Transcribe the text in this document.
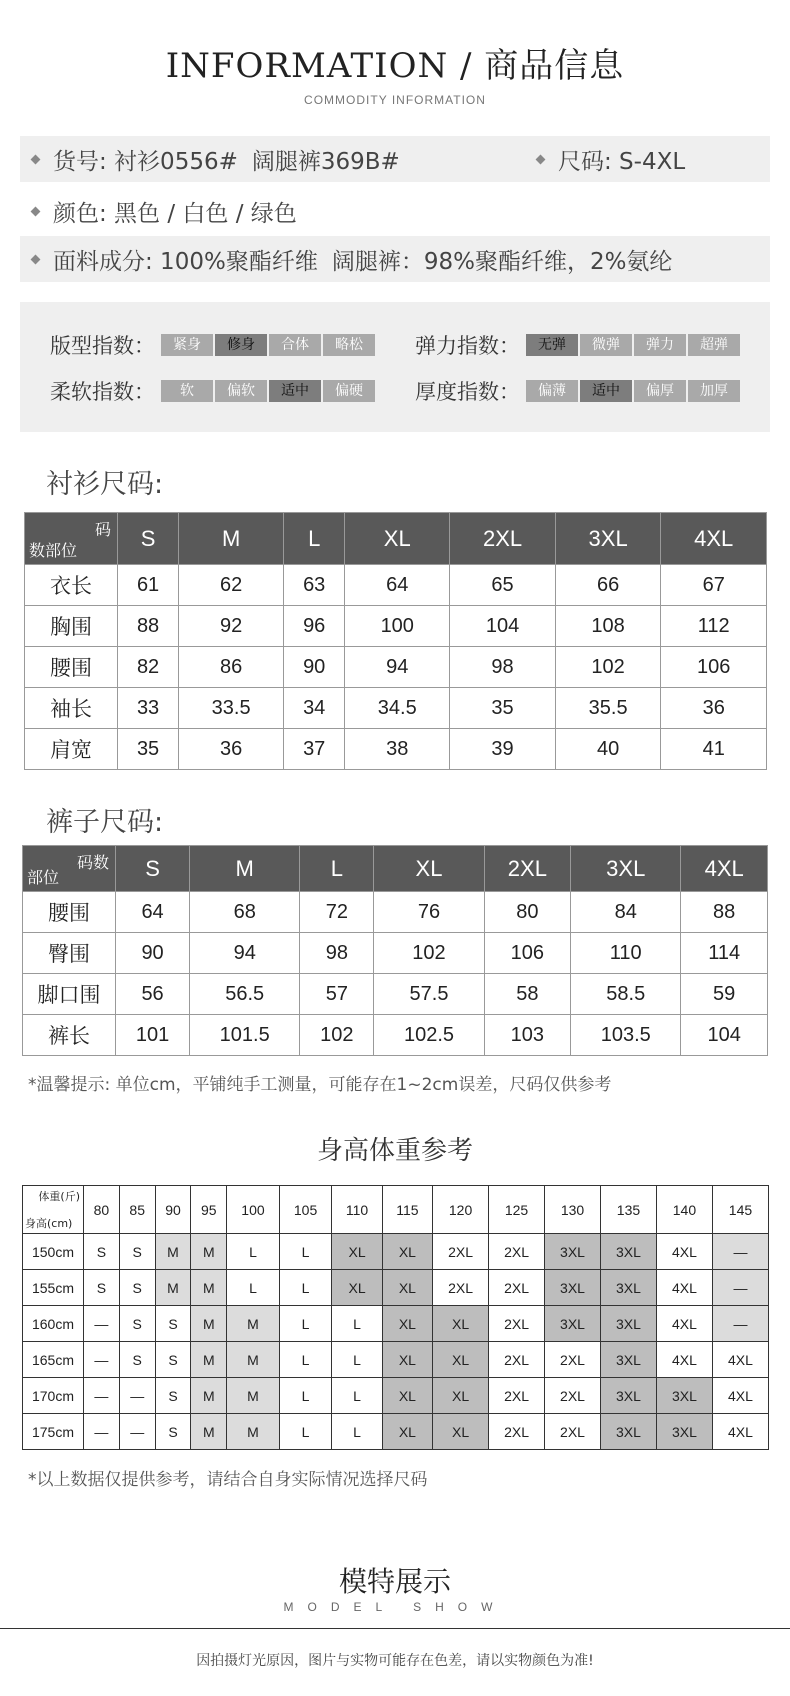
INFORMATION / 商品信息
COMMODITY INFORMATION
货号: 衬衫0556# 阔腿裤369B#	尺码: S-4XL
颜色: 黑色 / 白色 / 绿色
面料成分: 100%聚酯纤维 阔腿裤：98%聚酯纤维，2%氨纶
版型指数：	紧身	修身	合体	略松	弹力指数：	无弹	微弹	弹力	超弹
柔软指数：	软	偏软	适中	偏硬	厚度指数：	偏薄	适中	偏厚	加厚
衬衫尺码:
码
数部位	S	M	L	XL	2XL	3XL	4XL
衣长	61	62	63	64	65	66	67
胸围	88	92	96	100	104	108	112
腰围	82	86	90	94	98	102	106
袖长	33	33.5	34	34.5	35	35.5	36
肩宽	35	36	37	38	39	40	41
裤子尺码:
码数
部位	S	M	L	XL	2XL	3XL	4XL
腰围	64	68	72	76	80	84	88
臀围	90	94	98	102	106	110	114
脚口围	56	56.5	57	57.5	58	58.5	59
裤长	101	101.5	102	102.5	103	103.5	104
*温馨提示: 单位cm，平铺纯手工测量，可能存在1~2cm误差，尺码仅供参考
身高体重参考
体重(斤)
身高(cm)	80	85	90	95	100	105	110	115	120	125	130	135	140	145
150cm	S	S	M	M	L	L	XL	XL	2XL	2XL	3XL	3XL	4XL	—
155cm	S	S	M	M	L	L	XL	XL	2XL	2XL	3XL	3XL	4XL	—
160cm	—	S	S	M	M	L	L	XL	XL	2XL	3XL	3XL	4XL	—
165cm	—	S	S	M	M	L	L	XL	XL	2XL	2XL	3XL	4XL	4XL
170cm	—	—	S	M	M	L	L	XL	XL	2XL	2XL	3XL	3XL	4XL
175cm	—	—	S	M	M	L	L	XL	XL	2XL	2XL	3XL	3XL	4XL
*以上数据仅提供参考，请结合自身实际情况选择尺码
模特展示
MODEL SHOW
因拍摄灯光原因，图片与实物可能存在色差，请以实物颜色为准!
